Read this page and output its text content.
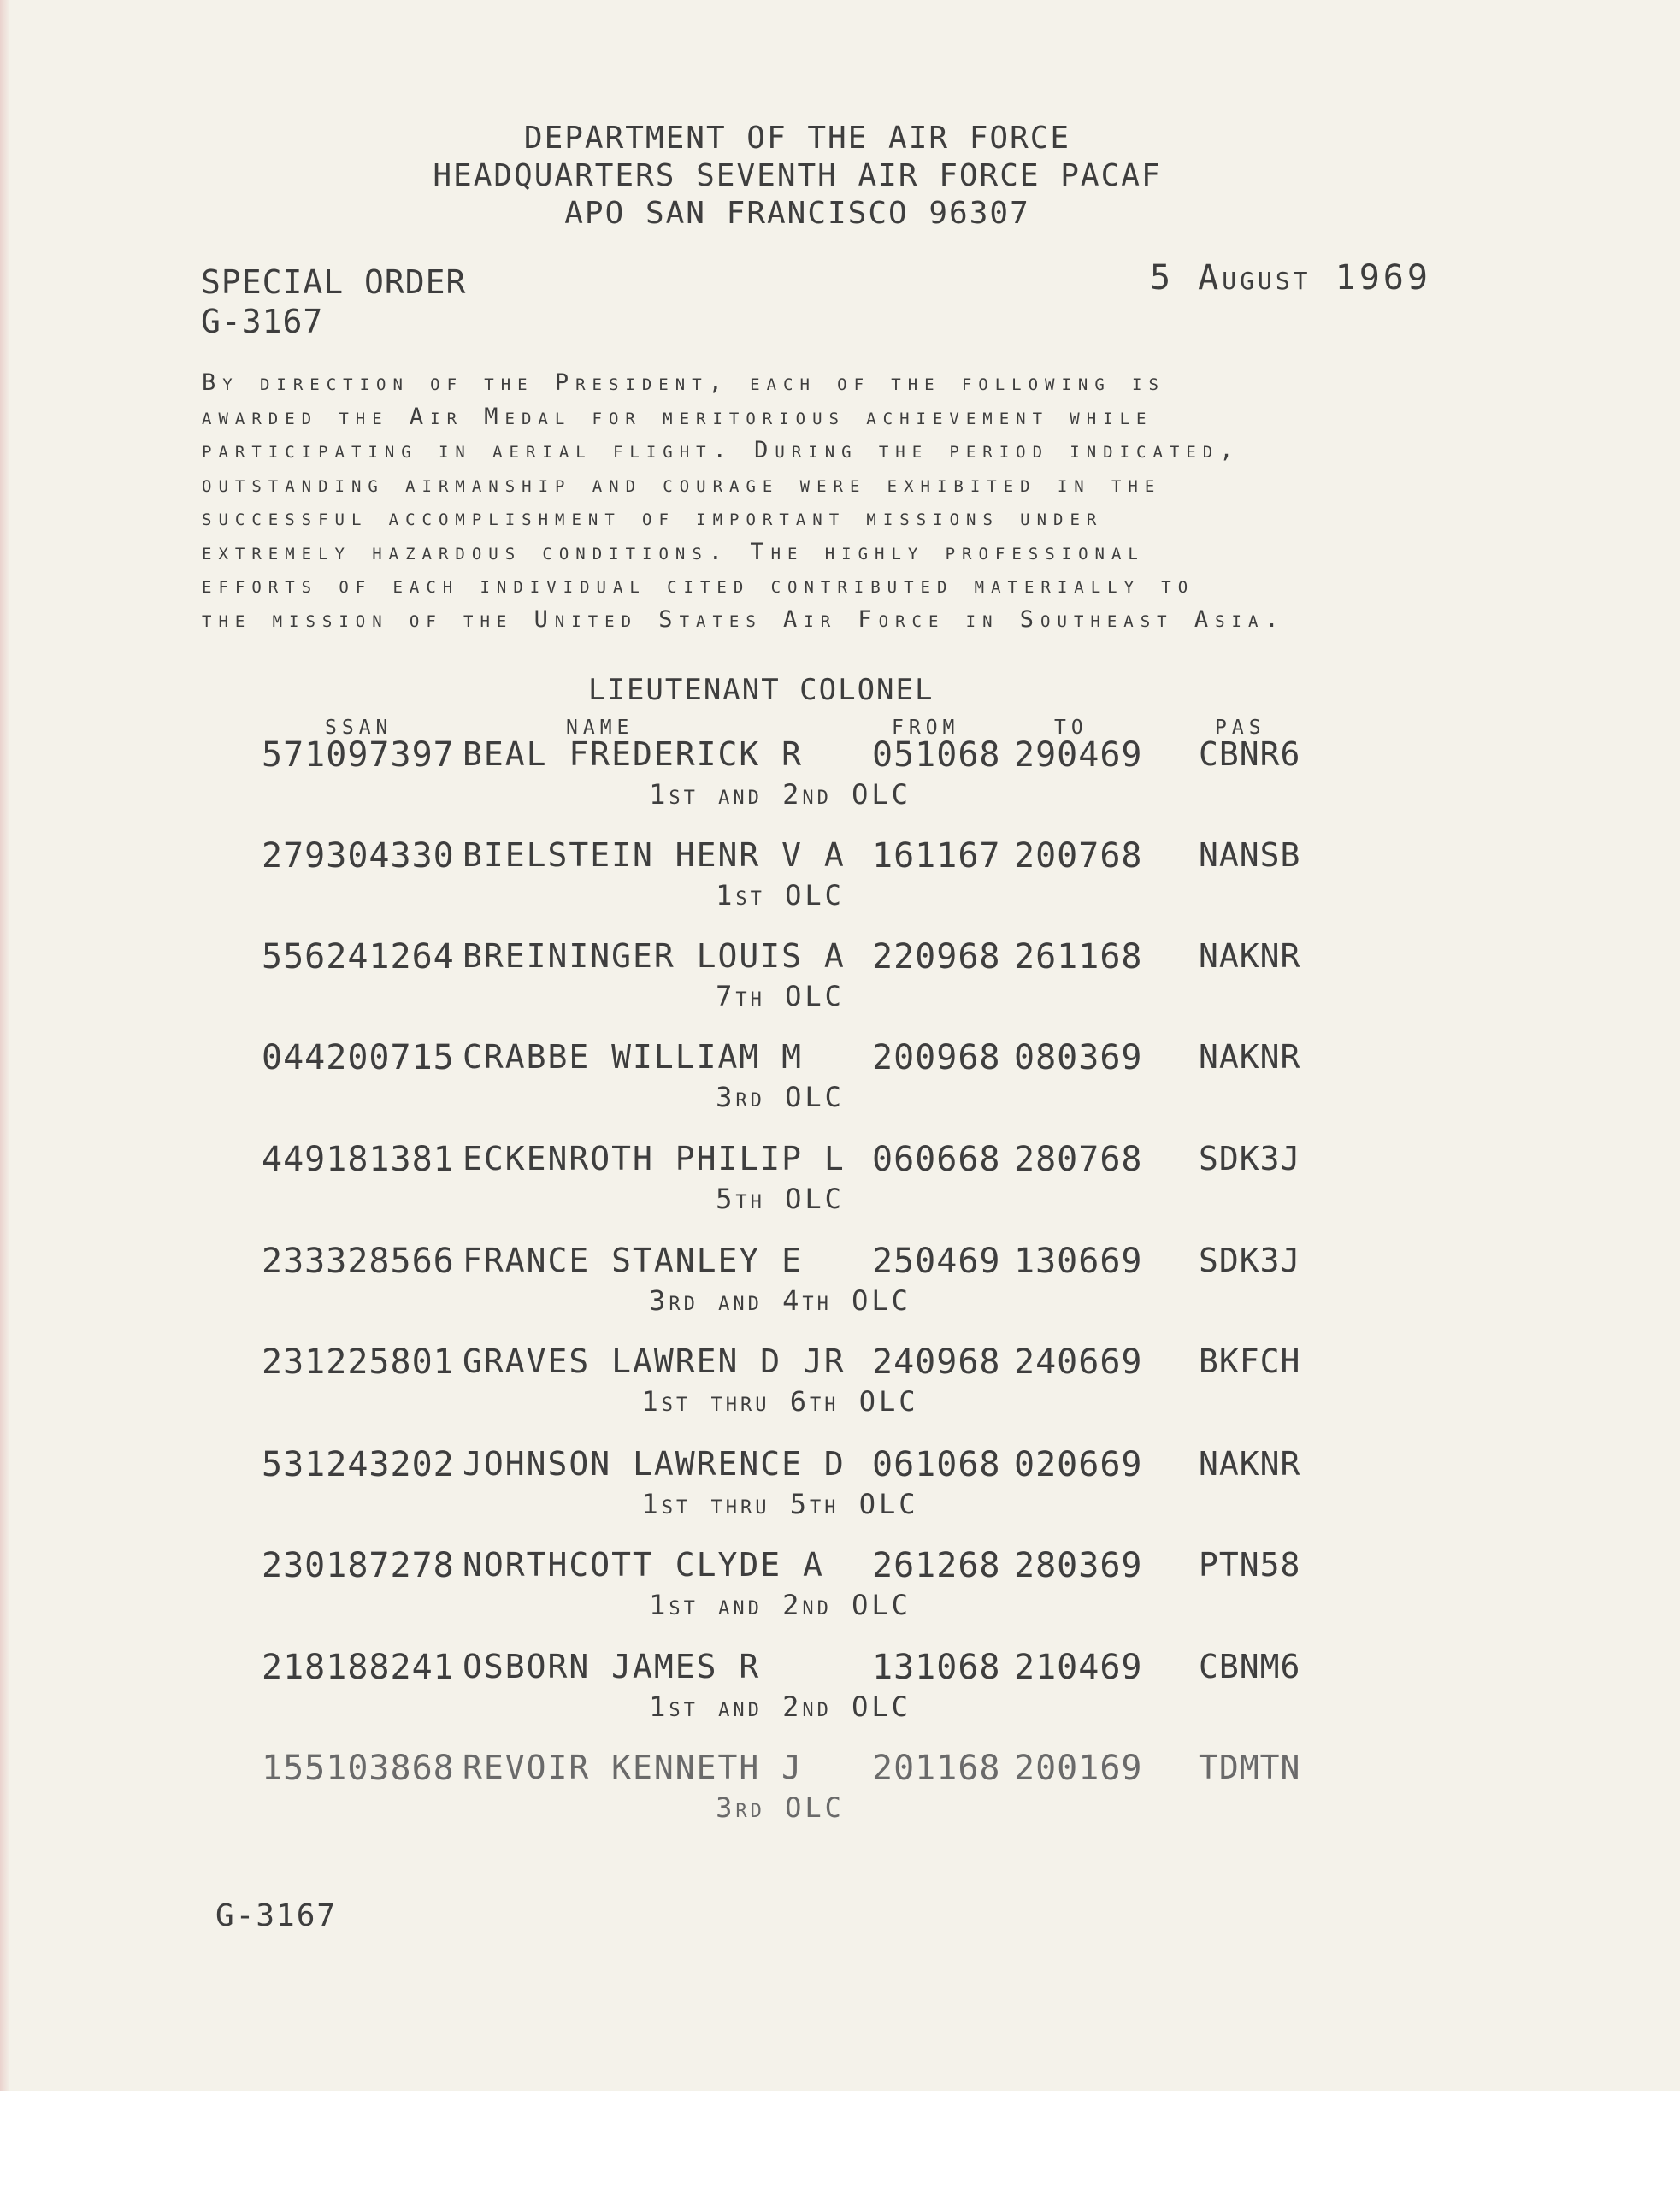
DEPARTMENT OF THE AIR FORCE
HEADQUARTERS SEVENTH AIR FORCE PACAF
APO SAN FRANCISCO 96307
SPECIAL ORDER
G-3167
5 August 1969
By direction of the President, each of the following is
awarded the Air Medal for meritorious achievement while
participating in aerial flight. During the period indicated,
outstanding airmanship and courage were exhibited in the
successful accomplishment of important missions under
extremely hazardous conditions. The highly professional
efforts of each individual cited contributed materially to
the mission of the United States Air Force in Southeast Asia.
LIEUTENANT COLONEL
SSAN	NAME	FROM	TO	PAS
571097397 BEAL FREDERICK R 051068 290469 CBNR6
1st and 2nd OLC
279304330 BIELSTEIN HENR V A 161167 200768 NANSB
1st OLC
556241264 BREININGER LOUIS A 220968 261168 NAKNR
7th OLC
044200715 CRABBE WILLIAM M 200968 080369 NAKNR
3rd OLC
449181381 ECKENROTH PHILIP L 060668 280768 SDK3J
5th OLC
233328566 FRANCE STANLEY E 250469 130669 SDK3J
3rd and 4th OLC
231225801 GRAVES LAWREN D JR 240968 240669 BKFCH
1st thru 6th OLC
531243202 JOHNSON LAWRENCE D 061068 020669 NAKNR
1st thru 5th OLC
230187278 NORTHCOTT CLYDE A 261268 280369 PTN58
1st and 2nd OLC
218188241 OSBORN JAMES R	131068 210469 CBNM6
1st and 2nd OLC
155103868 REVOIR KENNETH J 201168 200169 TDMTN
3rd OLC
G-3167
